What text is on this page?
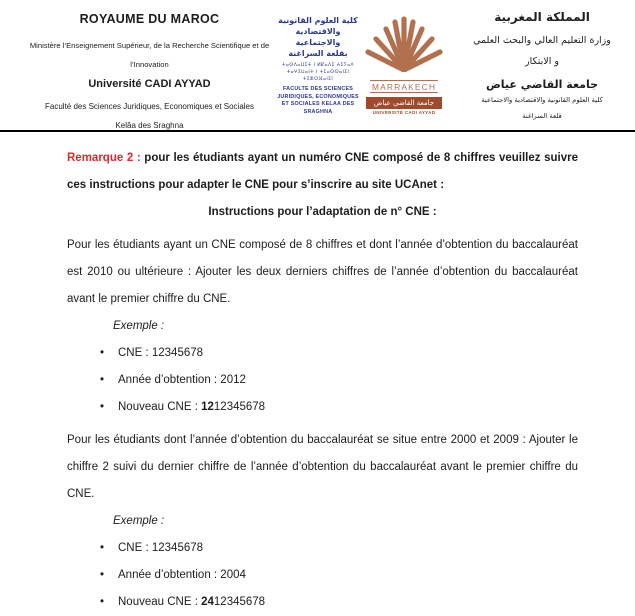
ROYAUME DU MAROC
Ministère l’Enseignement Supérieur, de la Recherche Scientifique et de
l’Innovation
Université CADI AYYAD
Faculté des Sciences Juridiques, Economiques et Sociales
Kelâa des Sraghna
كلية العلوم القانونية
والاقتصادية والاجتماعية
بقلعة السراغنة
ⵜⴰⵙⴷⴰⵡⵉⵜ ⵏ ⵍⵇⴰⴷⵉ ⵄⵉⵢⴰⴷ
ⵜⴰⵖⵉⵡⴰⵏⵜ ⵏ ⵜⵎⴰⵙⵙⴰⵏⵉⵏ ⵜⵉⵣⵔⴼⴰⵏⵉⵏ
FACULTE DES SCIENCES
JURIDIQUES, ECONOMIQUES
ET SOCIALES KELAA DES SRAGHNA
MARRAKECH
جامعة القاضي عياض
UNIVERSITÉ CADI AYYAD
المملكة المغربية
وزارة التعليم العالي والبحث العلمي
و الابتكار
جامعة القاضي عياض
كلية العلوم القانونية والاقتصادية والاجتماعية
قلعة السراغنة

Remarque 2 : pour les étudiants ayant un numéro CNE composé de 8 chiffres veuillez suivre ces instructions pour adapter le CNE pour s’inscrire au site UCAnet :

Instructions pour l’adaptation de n° CNE :

Pour les étudiants ayant un CNE composé de 8 chiffres et dont l’année d’obtention du baccalauréat est 2010 ou ultérieure : Ajouter les deux derniers chiffres de l’année d’obtention du baccalauréat avant le premier chiffre du CNE.

Exemple :

• CNE : 12345678
• Année d’obtention : 2012
• Nouveau CNE : 1212345678

Pour les étudiants dont l’année d’obtention du baccalauréat se situe entre 2000 et 2009 : Ajouter le chiffre 2 suivi du dernier chiffre de l’année d’obtention du baccalauréat avant le premier chiffre du CNE.

Exemple :

• CNE : 12345678
• Année d’obtention : 2004
• Nouveau CNE : 2412345678
